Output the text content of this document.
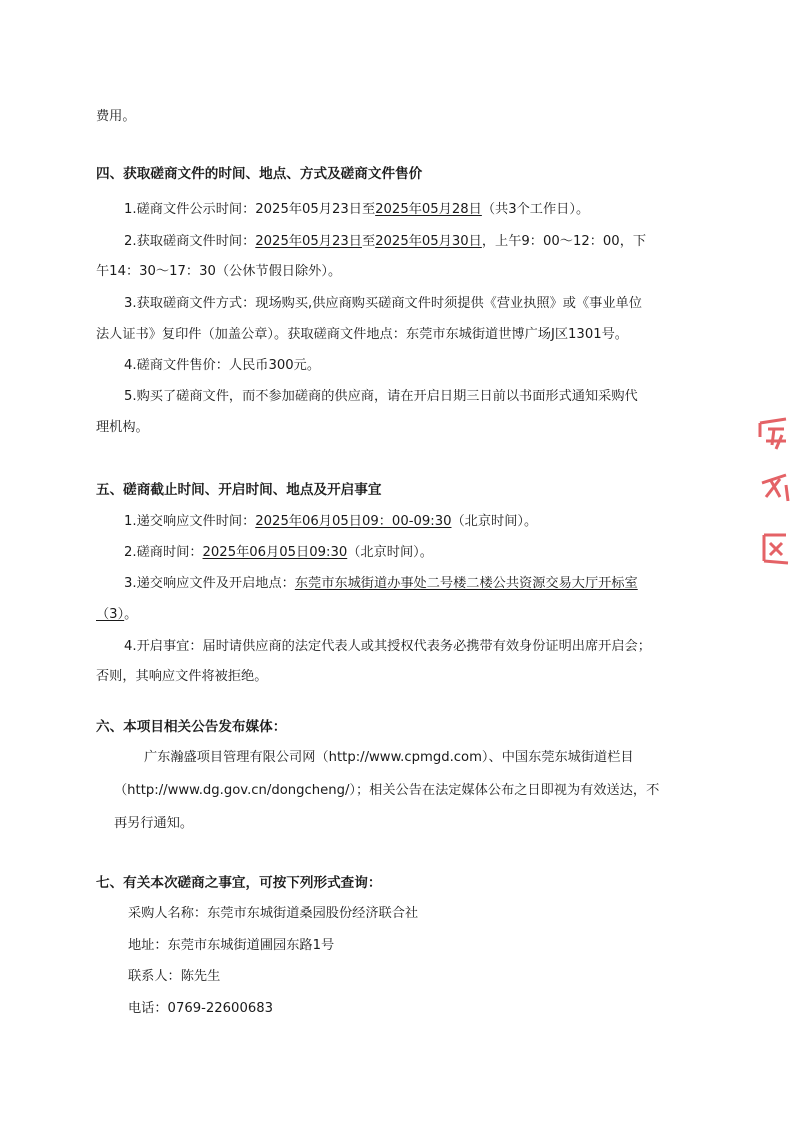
费用。
四、获取磋商文件的时间、地点、方式及磋商文件售价
1.磋商文件公示时间：2025年05月23日至2025年05月28日（共3个工作日）。
2.获取磋商文件时间：2025年05月23日至2025年05月30日，上午9：00～12：00，下
午14：30～17：30（公休节假日除外）。
3.获取磋商文件方式：现场购买,供应商购买磋商文件时须提供《营业执照》或《事业单位
法人证书》复印件（加盖公章）。获取磋商文件地点：东莞市东城街道世博广场J区1301号。
4.磋商文件售价：人民币300元。
5.购买了磋商文件，而不参加磋商的供应商，请在开启日期三日前以书面形式通知采购代
理机构。
五、磋商截止时间、开启时间、地点及开启事宜
1.递交响应文件时间：2025年06月05日09：00-09:30（北京时间）。
2.磋商时间：2025年06月05日09:30（北京时间）。
3.递交响应文件及开启地点：东莞市东城街道办事处二号楼二楼公共资源交易大厅开标室
（3）。
4.开启事宜：届时请供应商的法定代表人或其授权代表务必携带有效身份证明出席开启会；
否则，其响应文件将被拒绝。
六、本项目相关公告发布媒体：
广东瀚盛项目管理有限公司网（http://www.cpmgd.com）、中国东莞东城街道栏目
（http://www.dg.gov.cn/dongcheng/）；相关公告在法定媒体公布之日即视为有效送达，不
再另行通知。
七、有关本次磋商之事宜，可按下列形式查询：
采购人名称：东莞市东城街道桑园股份经济联合社
地址：东莞市东城街道圃园东路1号
联系人：陈先生
电话：0769-22600683
